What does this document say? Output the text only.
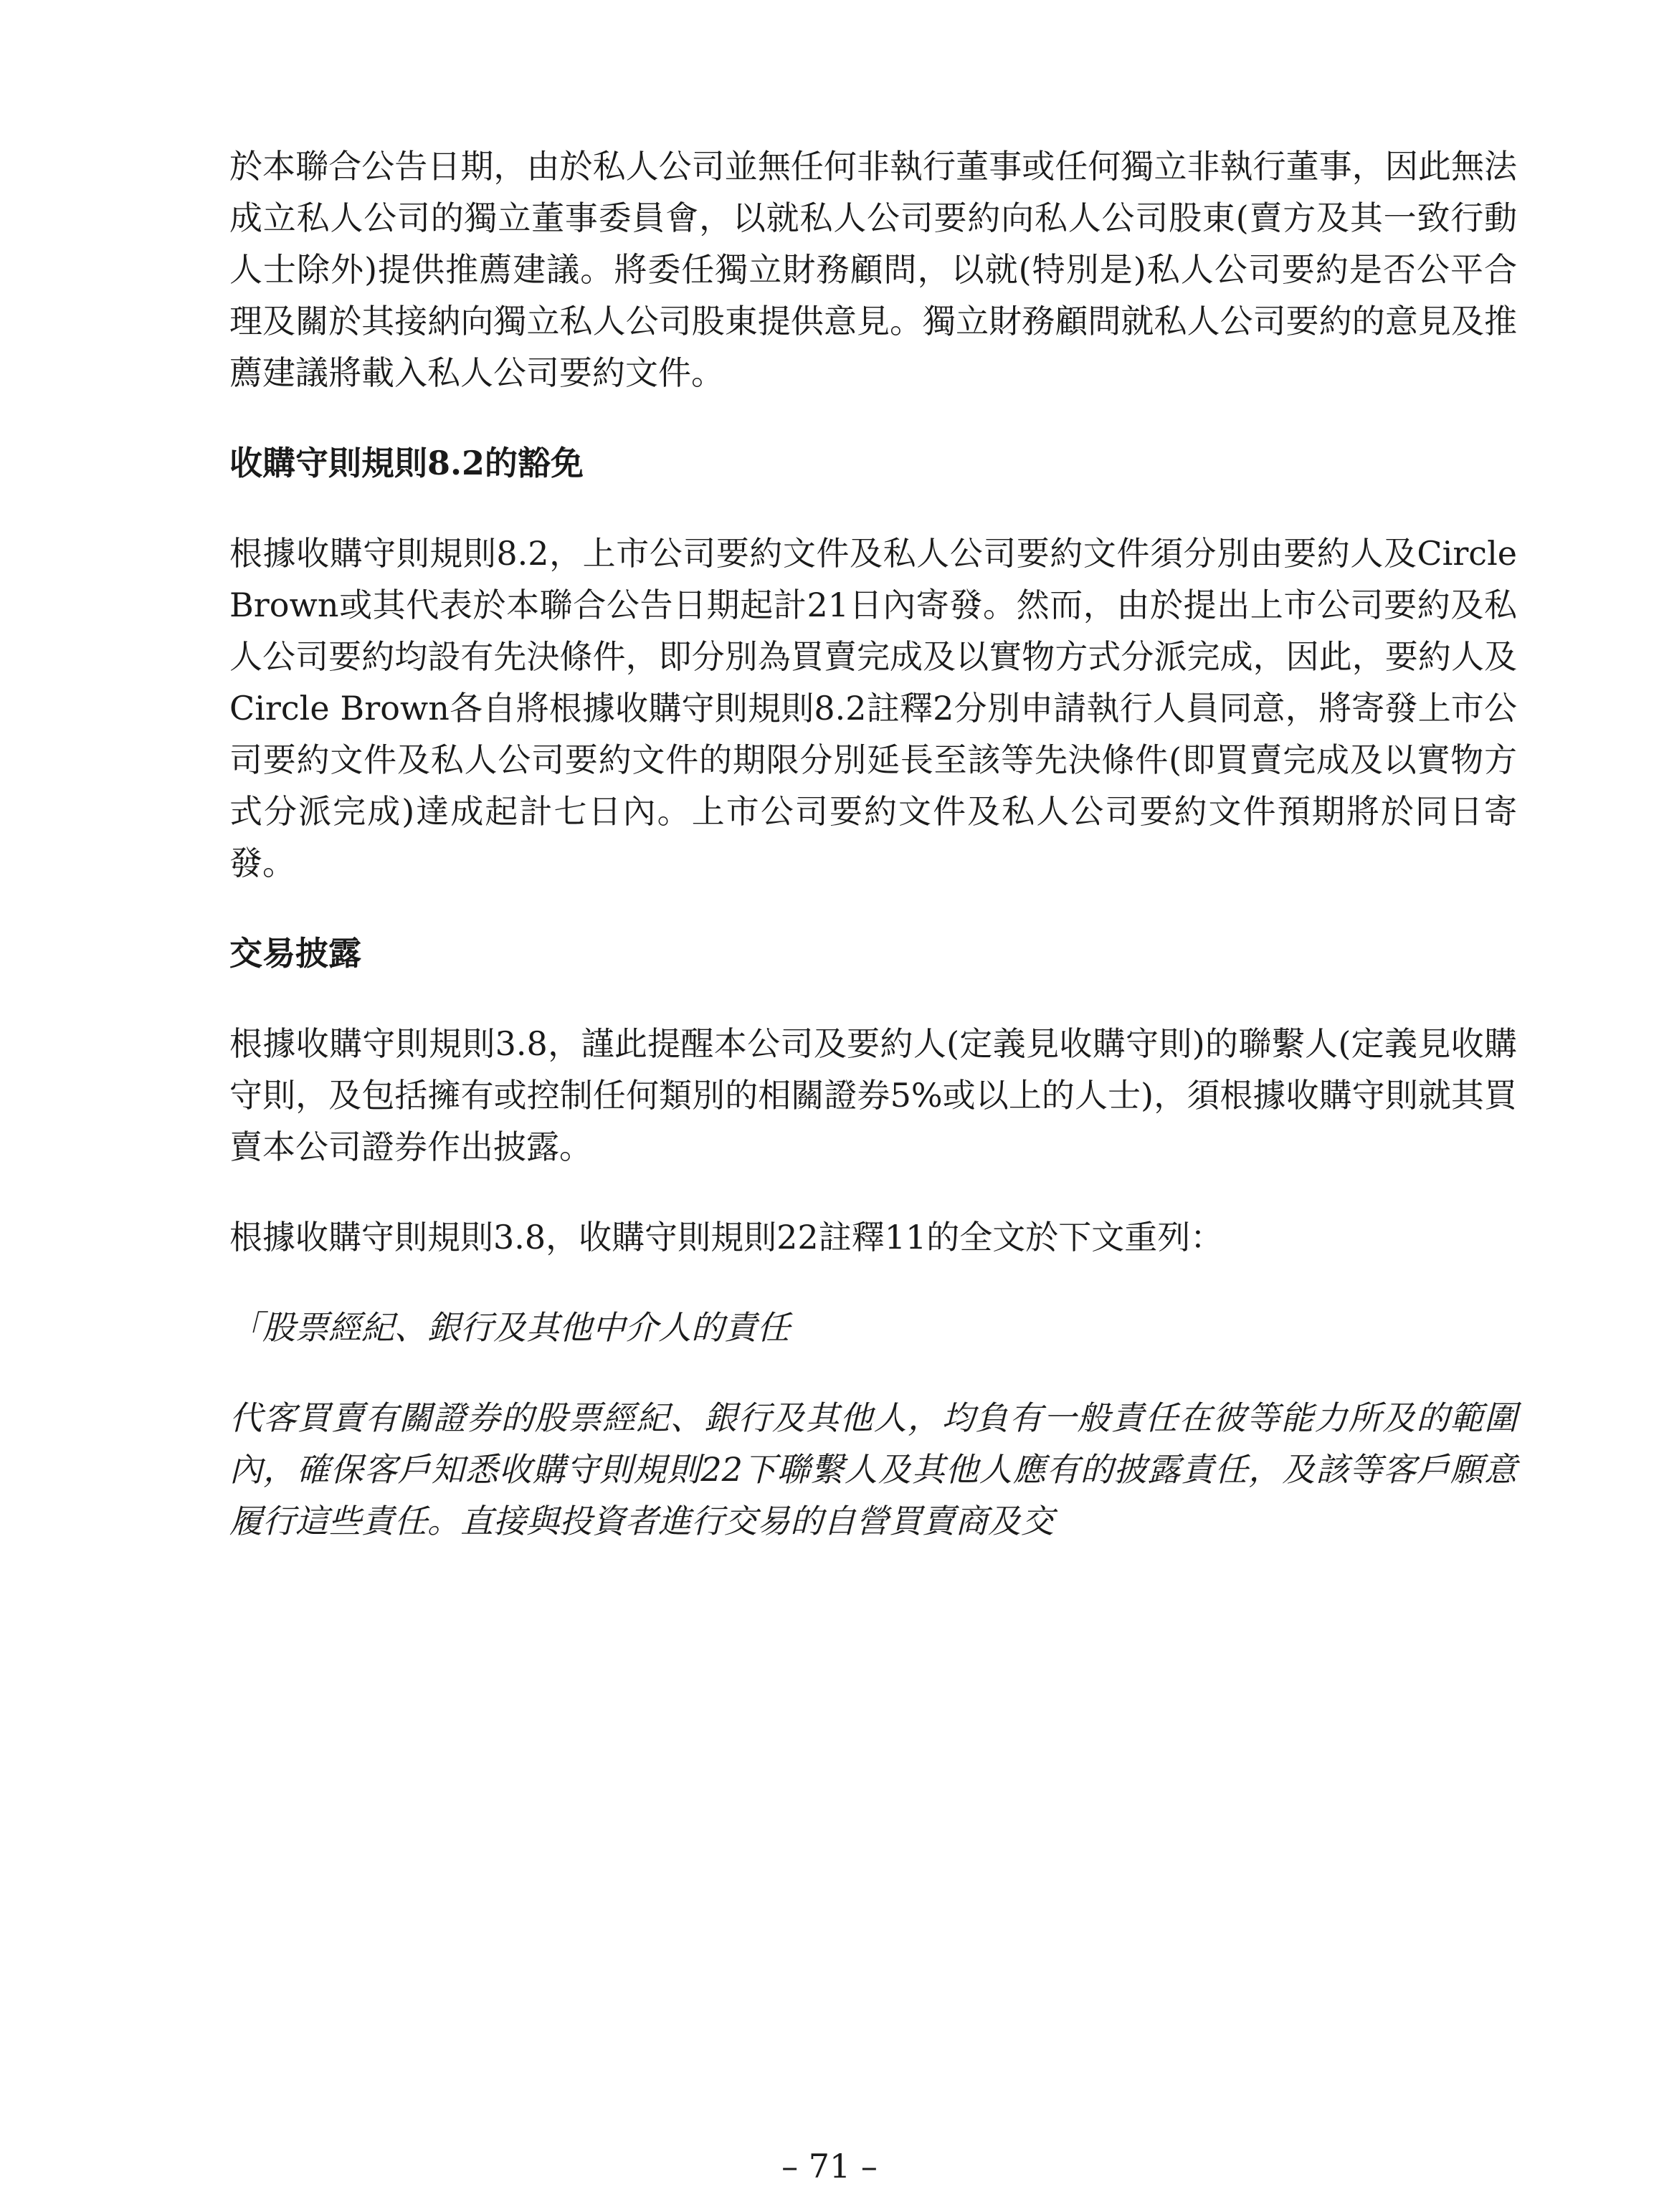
於本聯合公告日期，由於私人公司並無任何非執行董事或任何獨立非執行董事，因此無法成立私人公司的獨立董事委員會，以就私人公司要約向私人公司股東(賣方及其一致行動人士除外)提供推薦建議。將委任獨立財務顧問，以就(特別是)私人公司要約是否公平合理及關於其接納向獨立私人公司股東提供意見。獨立財務顧問就私人公司要約的意見及推薦建議將載入私人公司要約文件。

收購守則規則8.2的豁免

根據收購守則規則8.2，上市公司要約文件及私人公司要約文件須分別由要約人及Circle Brown或其代表於本聯合公告日期起計21日內寄發。然而，由於提出上市公司要約及私人公司要約均設有先決條件，即分別為買賣完成及以實物方式分派完成，因此，要約人及Circle Brown各自將根據收購守則規則8.2註釋2分別申請執行人員同意，將寄發上市公司要約文件及私人公司要約文件的期限分別延長至該等先決條件(即買賣完成及以實物方式分派完成)達成起計七日內。上市公司要約文件及私人公司要約文件預期將於同日寄發。

交易披露

根據收購守則規則3.8，謹此提醒本公司及要約人(定義見收購守則)的聯繫人(定義見收購守則，及包括擁有或控制任何類別的相關證券5%或以上的人士)，須根據收購守則就其買賣本公司證券作出披露。

根據收購守則規則3.8，收購守則規則22註釋11的全文於下文重列：

「股票經紀、銀行及其他中介人的責任

代客買賣有關證券的股票經紀、銀行及其他人，均負有一般責任在彼等能力所及的範圍內，確保客戶知悉收購守則規則22下聯繫人及其他人應有的披露責任，及該等客戶願意履行這些責任。直接與投資者進行交易的自營買賣商及交

– 71 –
